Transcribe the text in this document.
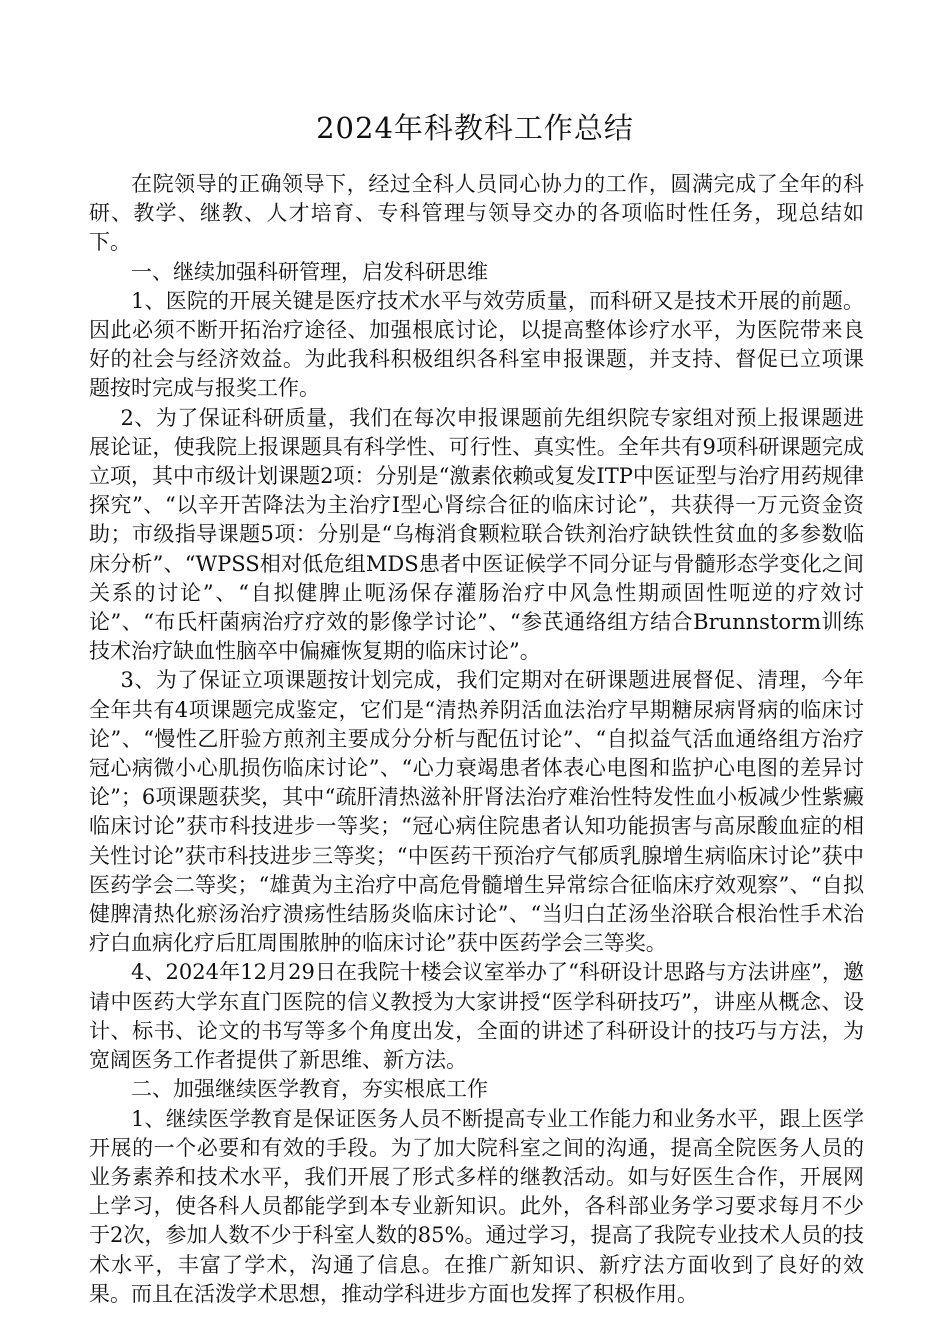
2024年科教科工作总结

在院领导的正确领导下，经过全科人员同心协力的工作，圆满完成了全年的科研、教学、继教、人才培育、专科管理与领导交办的各项临时性任务，现总结如下。

一、继续加强科研管理，启发科研思维

1、医院的开展关键是医疗技术水平与效劳质量，而科研又是技术开展的前题。因此必须不断开拓治疗途径、加强根底讨论，以提高整体诊疗水平，为医院带来良好的社会与经济效益。为此我科积极组织各科室申报课题，并支持、督促已立项课题按时完成与报奖工作。

2、为了保证科研质量，我们在每次申报课题前先组织院专家组对预上报课题进展论证，使我院上报课题具有科学性、可行性、真实性。全年共有9项科研课题完成立项，其中市级计划课题2项：分别是“激素依赖或复发ITP中医证型与治疗用药规律探究”、“以辛开苦降法为主治疗Ⅰ型心肾综合征的临床讨论”，共获得一万元资金资助；市级指导课题5项：分别是“乌梅消食颗粒联合铁剂治疗缺铁性贫血的多参数临床分析”、“WPSS相对低危组MDS患者中医证候学不同分证与骨髓形态学变化之间关系的讨论”、“自拟健脾止呃汤保存灌肠治疗中风急性期顽固性呃逆的疗效讨论”、“布氏杆菌病治疗疗效的影像学讨论”、“参芪通络组方结合Brunnstorm训练技术治疗缺血性脑卒中偏瘫恢复期的临床讨论”。

3、为了保证立项课题按计划完成，我们定期对在研课题进展督促、清理，今年全年共有4项课题完成鉴定，它们是“清热养阴活血法治疗早期糖尿病肾病的临床讨论”、“慢性乙肝验方煎剂主要成分分析与配伍讨论”、“自拟益气活血通络组方治疗冠心病微小心肌损伤临床讨论”、“心力衰竭患者体表心电图和监护心电图的差异讨论”；6项课题获奖，其中“疏肝清热滋补肝肾法治疗难治性特发性血小板减少性紫癜临床讨论”获市科技进步一等奖；“冠心病住院患者认知功能损害与高尿酸血症的相关性讨论”获市科技进步三等奖；“中医药干预治疗气郁质乳腺增生病临床讨论”获中医药学会二等奖；“雄黄为主治疗中高危骨髓增生异常综合征临床疗效观察”、“自拟健脾清热化瘀汤治疗溃疡性结肠炎临床讨论”、“当归白芷汤坐浴联合根治性手术治疗白血病化疗后肛周围脓肿的临床讨论”获中医药学会三等奖。

4、2024年12月29日在我院十楼会议室举办了“科研设计思路与方法讲座”，邀请中医药大学东直门医院的信义教授为大家讲授“医学科研技巧”，讲座从概念、设计、标书、论文的书写等多个角度出发，全面的讲述了科研设计的技巧与方法，为宽阔医务工作者提供了新思维、新方法。

二、加强继续医学教育，夯实根底工作

1、继续医学教育是保证医务人员不断提高专业工作能力和业务水平，跟上医学开展的一个必要和有效的手段。为了加大院科室之间的沟通，提高全院医务人员的业务素养和技术水平，我们开展了形式多样的继教活动。如与好医生合作，开展网上学习，使各科人员都能学到本专业新知识。此外，各科部业务学习要求每月不少于2次，参加人数不少于科室人数的85%。通过学习，提高了我院专业技术人员的技术水平，丰富了学术，沟通了信息。在推广新知识、新疗法方面收到了良好的效果。而且在活泼学术思想，推动学科进步方面也发挥了积极作用。
